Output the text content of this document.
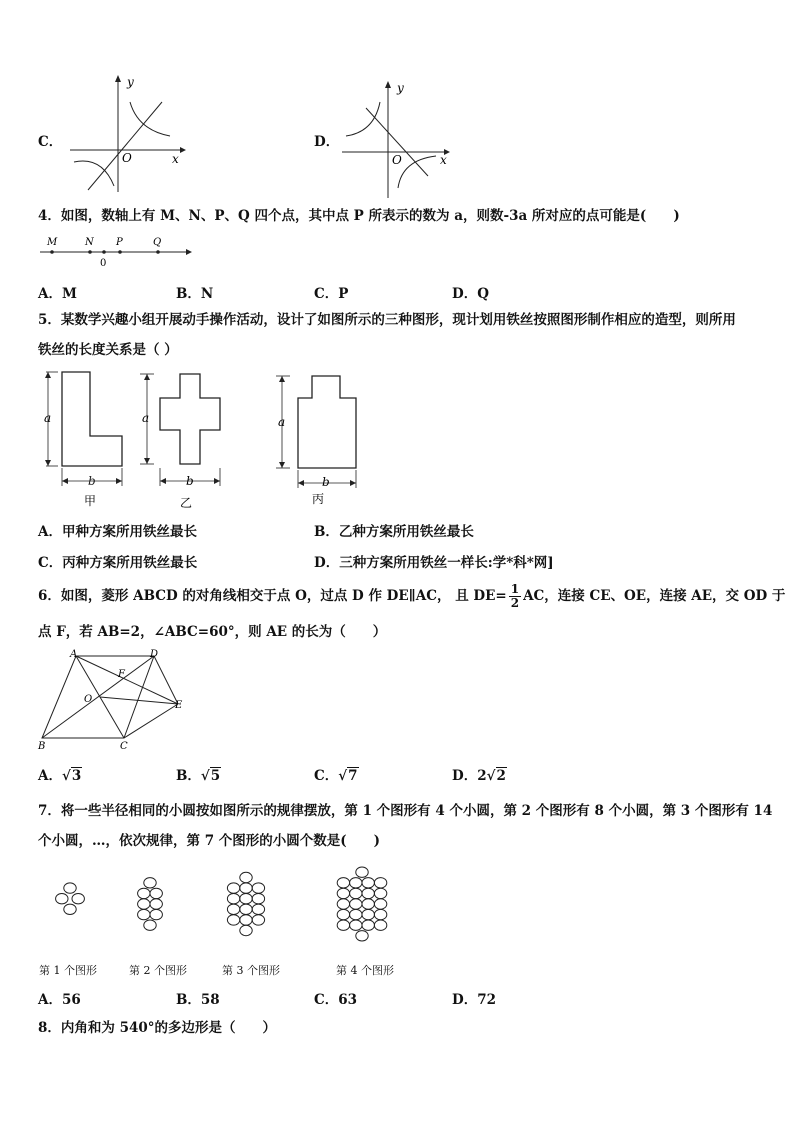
C．
y
x
O
D．
y
x
O
4．如图，数轴上有 M、N、P、Q 四个点，其中点 P 所表示的数为 a，则数-3a 所对应的点可能是(　　)
M	N P	Q
0
A．M	B．N	C．P	D．Q
5．某数学兴趣小组开展动手操作活动，设计了如图所示的三种图形，现计划用铁丝按照图形制作相应的造型，则所用
铁丝的长度关系是（ ）
a
b
a
b
a
b
甲	乙	丙
A．甲种方案所用铁丝最长	B．乙种方案所用铁丝最长
C．丙种方案所用铁丝最长	D．三种方案所用铁丝一样长:学*科*网]
6．如图，菱形 ABCD 的对角线相交于点 O，过点 D 作 DE∥AC， 且 $DE= \frac{1}{2}$ AC，连接 CE、OE，连接 AE，交 OD 于
点 F，若 AB=2，∠ABC=60°，则 AE 的长为（　　）
A	D
F
O
E
B	C
A．√3	B．√5	C．√7	D．2√2
7．将一些半径相同的小圆按如图所示的规律摆放，第 1 个图形有 4 个小圆，第 2 个图形有 8 个小圆，第 3 个图形有 14
个小圆，…，依次规律，第 7 个图形的小圆个数是(　　)
第 1 个图形	第 2 个图形	第 3 个图形	第 4 个图形
A．56	B．58	C．63	D．72
8．内角和为 540°的多边形是（　　）
